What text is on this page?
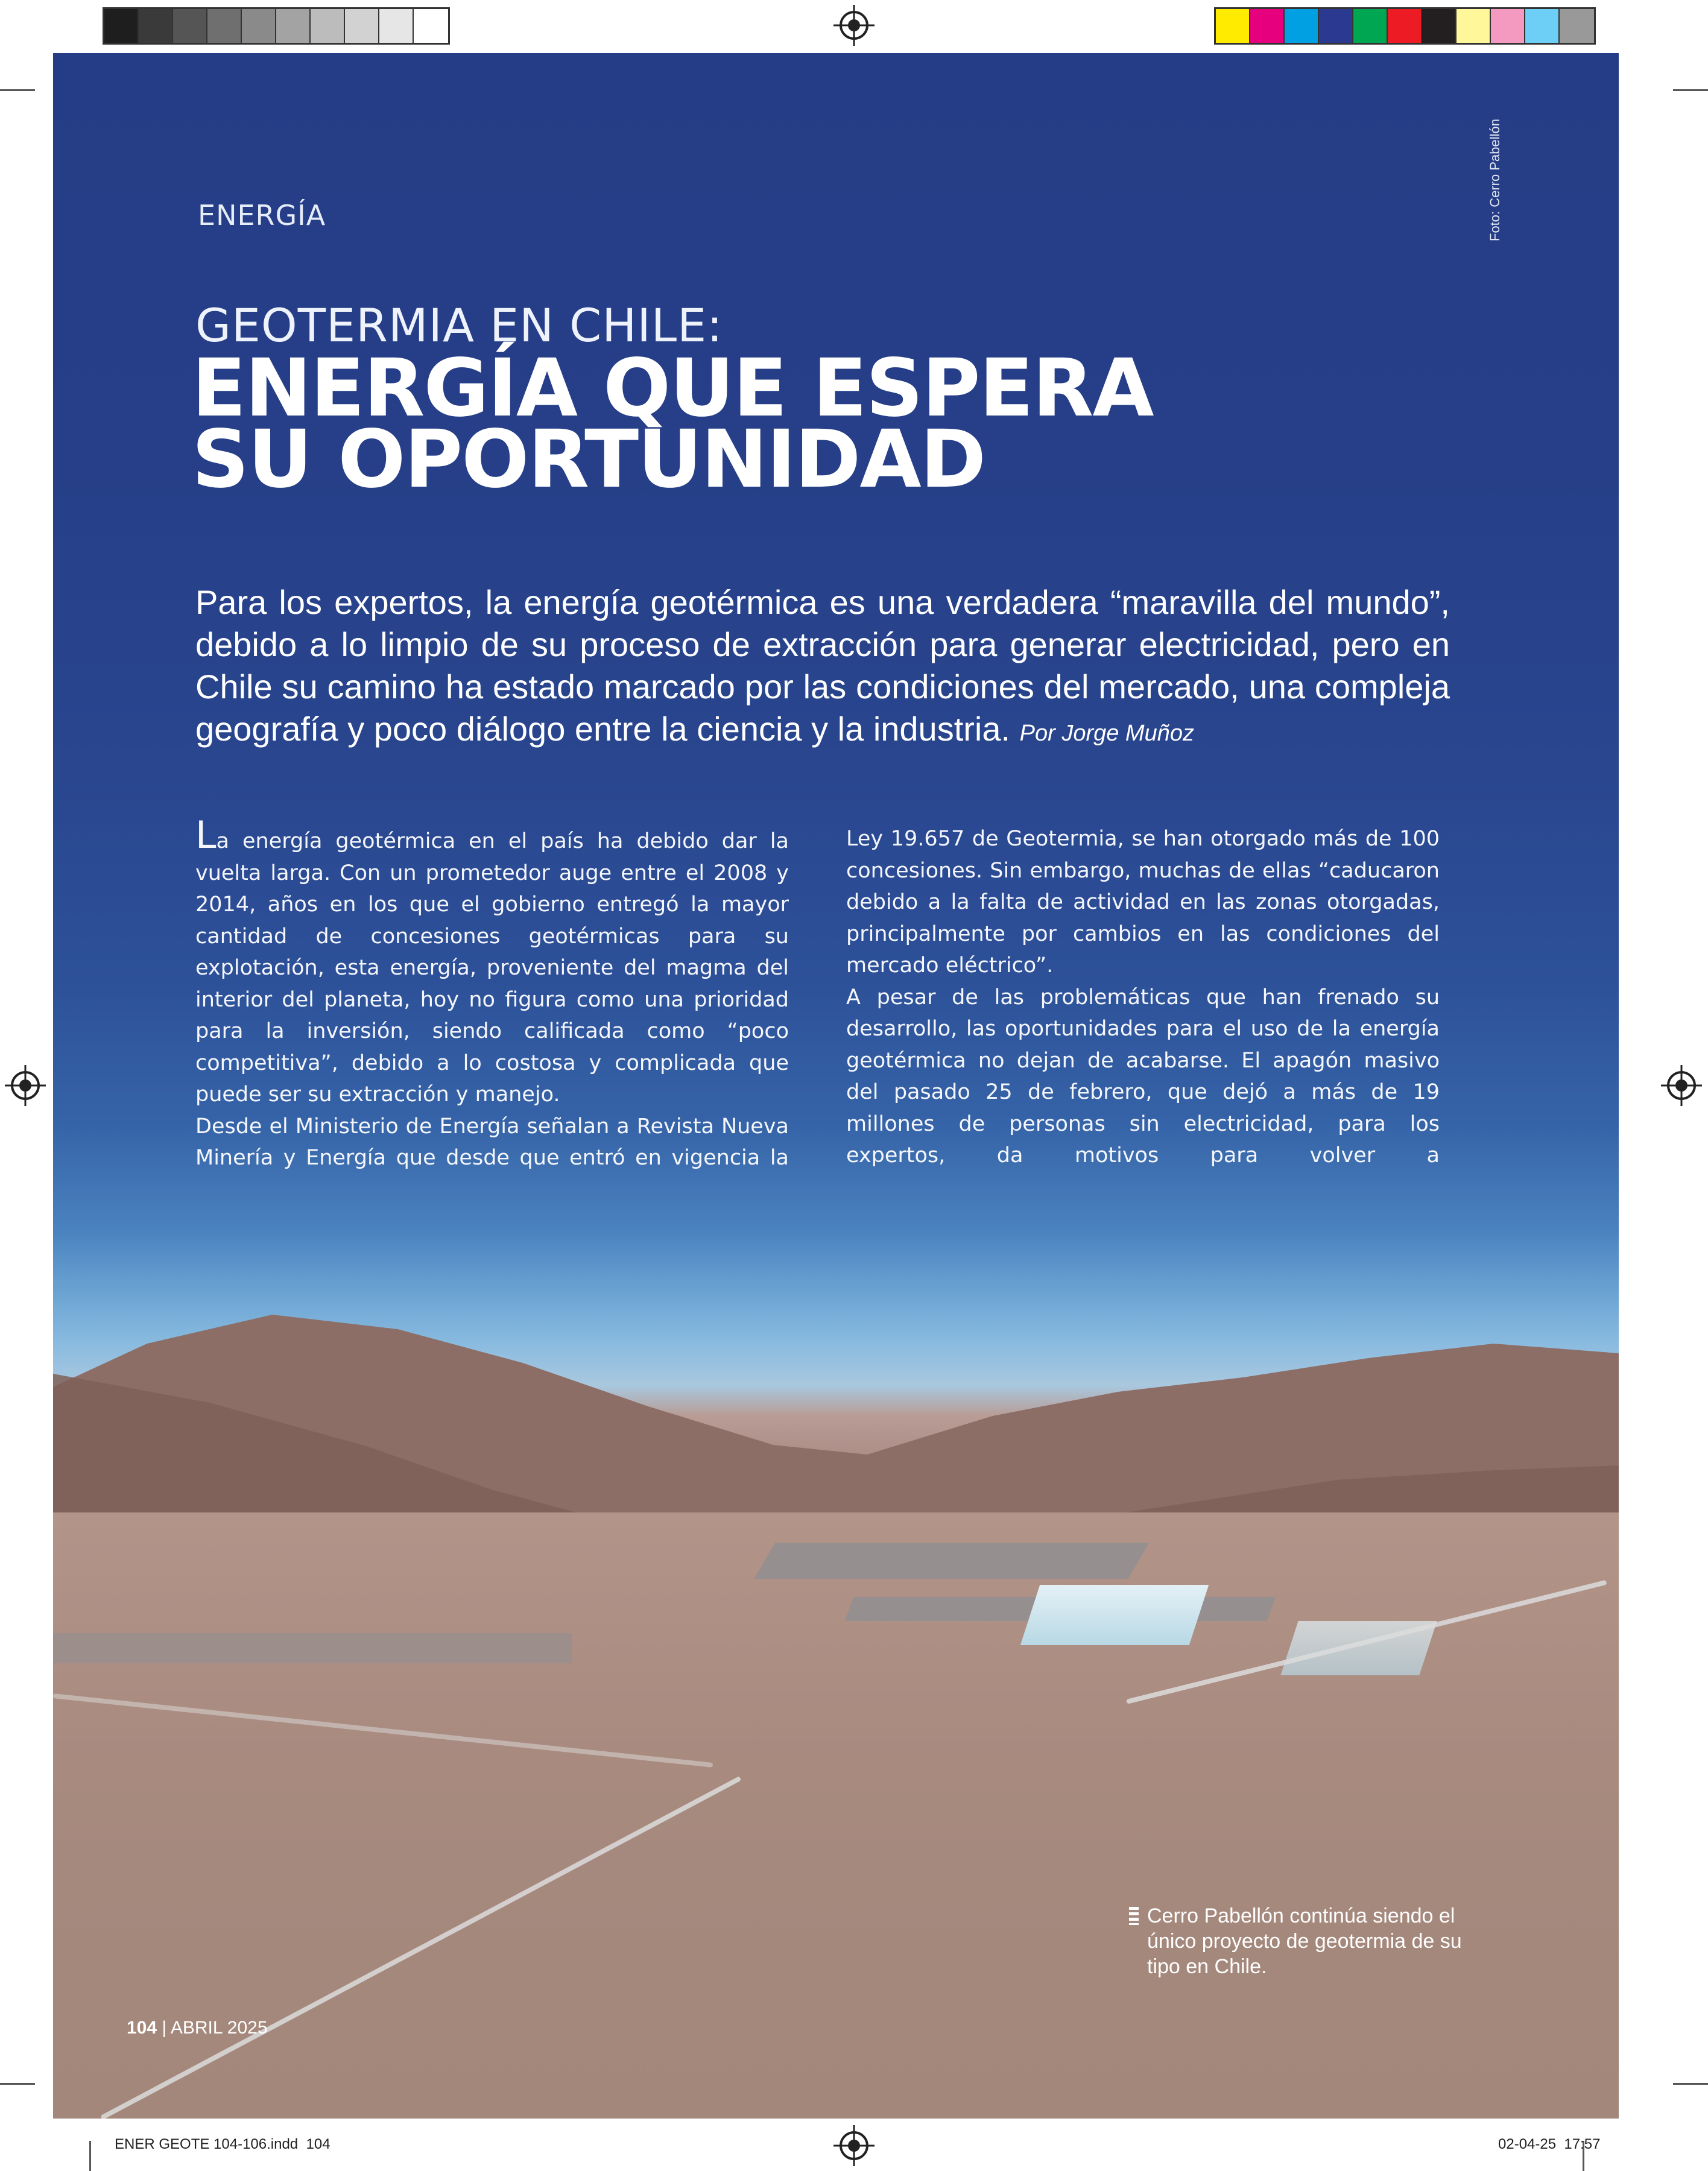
ENERGÍA	Foto: Cerro Pabellón
GEOTERMIA EN CHILE:
ENERGÍA QUE ESPERA
SU OPORTUNIDAD
Para los expertos, la energía geotérmica es una verdadera “maravilla del mundo”, debido a lo limpio de su proceso de extracción para generar electricidad, pero en Chile su camino ha estado marcado por las condiciones del mercado, una compleja geografía y poco diálogo entre la ciencia y la industria. Por Jorge Muñoz

La energía geotérmica en el país ha debido dar la vuelta larga. Con un prometedor auge entre el 2008 y 2014, años en los que el gobierno entregó la mayor cantidad de concesiones geotérmicas para su explotación, esta energía, proveniente del magma del interior del planeta, hoy no figura como una prioridad para la inversión, siendo calificada como “poco competitiva”, debido a lo costosa y complicada que puede ser su extracción y manejo.

Desde el Ministerio de Energía señalan a Revista Nueva Minería y Energía que desde que entró en vigencia la

Ley 19.657 de Geotermia, se han otorgado más de 100 concesiones. Sin embargo, muchas de ellas “caducaron debido a la falta de actividad en las zonas otorgadas, principalmente por cambios en las condiciones del mercado eléctrico”.

A pesar de las problemáticas que han frenado su desarrollo, las oportunidades para el uso de la energía geotérmica no dejan de acabarse. El apagón masivo del pasado 25 de febrero, que dejó a más de 19 millones de personas sin electricidad, para los expertos, da motivos para volver a

Cerro Pabellón continúa siendo el único proyecto de geotermia de su tipo en Chile.
104 | ABRIL 2025
ENER GEOTE 104-106.indd 104	02-04-25 17:57
